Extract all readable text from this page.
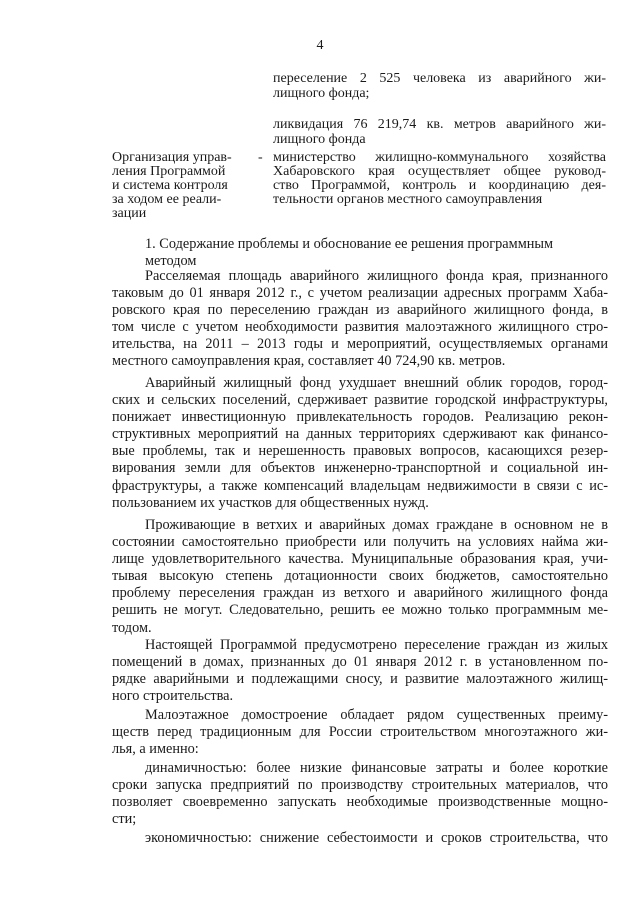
4
переселение 2 525 человека из аварийного жи-
лищного фонда;
ликвидация 76 219,74 кв. метров аварийного жи-
лищного фонда
Организация управ-
ления Программой
и система контроля
за ходом ее реали-
зации
- министерство жилищно-коммунального хозяйства
Хабаровского края осуществляет общее руковод-
ство Программой, контроль и координацию дея-
тельности органов местного самоуправления
1. Содержание проблемы и обоснование ее решения программным
методом
Расселяемая площадь аварийного жилищного фонда края, признанного
таковым до 01 января 2012 г., с учетом реализации адресных программ Хаба-
ровского края по переселению граждан из аварийного жилищного фонда, в
том числе с учетом необходимости развития малоэтажного жилищного стро-
ительства, на 2011 – 2013 годы и мероприятий, осуществляемых органами
местного самоуправления края, составляет 40 724,90 кв. метров.
Аварийный жилищный фонд ухудшает внешний облик городов, город-
ских и сельских поселений, сдерживает развитие городской инфраструктуры,
понижает инвестиционную привлекательность городов. Реализацию рекон-
структивных мероприятий на данных территориях сдерживают как финансо-
вые проблемы, так и нерешенность правовых вопросов, касающихся резер-
вирования земли для объектов инженерно-транспортной и социальной ин-
фраструктуры, а также компенсаций владельцам недвижимости в связи с ис-
пользованием их участков для общественных нужд.
Проживающие в ветхих и аварийных домах граждане в основном не в
состоянии самостоятельно приобрести или получить на условиях найма жи-
лище удовлетворительного качества. Муниципальные образования края, учи-
тывая высокую степень дотационности своих бюджетов, самостоятельно
проблему переселения граждан из ветхого и аварийного жилищного фонда
решить не могут. Следовательно, решить ее можно только программным ме-
тодом.
Настоящей Программой предусмотрено переселение граждан из жилых
помещений в домах, признанных до 01 января 2012 г. в установленном по-
рядке аварийными и подлежащими сносу, и развитие малоэтажного жилищ-
ного строительства.
Малоэтажное домостроение обладает рядом существенных преиму-
ществ перед традиционным для России строительством многоэтажного жи-
лья, а именно:
динамичностью: более низкие финансовые затраты и более короткие
сроки запуска предприятий по производству строительных материалов, что
позволяет своевременно запускать необходимые производственные мощно-
сти;
экономичностью: снижение себестоимости и сроков строительства, что
